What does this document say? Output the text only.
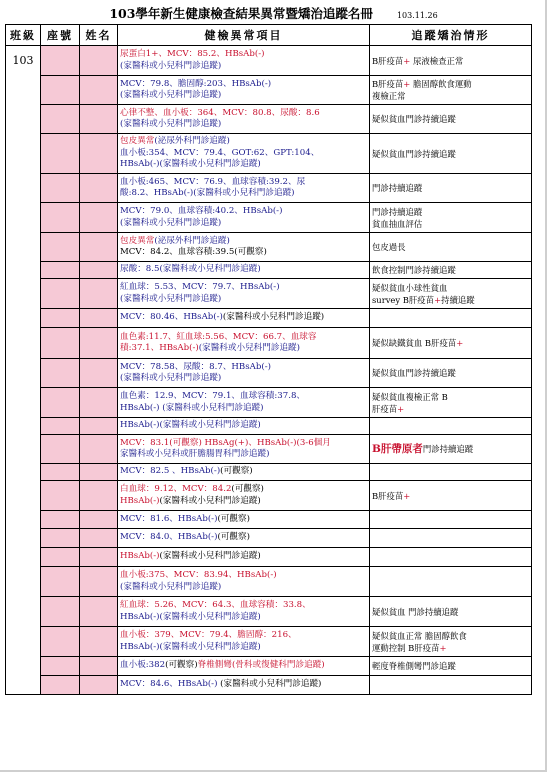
103學年新生健康檢查結果異常暨矯治追蹤名冊	103.11.26
班級	座號	姓名	健檢異常項目	追蹤矯治情形
103			尿蛋白1+、MCV：85.2、HBsAb(-)
(家醫科或小兒科門診追蹤)	B肝疫苗+ 尿液檢查正常

			MCV：79.8、膽固醇:203、HBsAb(-)
(家醫科或小兒科門診追蹤)	B肝疫苗+ 膽固醇飲食運動
複檢正常

			心律不整、血小板：364、MCV：80.8、尿酸：8.6
(家醫科或小兒科門診追蹤)	疑似貧血門診持續追蹤

			包皮異常(泌尿外科門診追蹤)
血小板:354、MCV：79.4、GOT:62、GPT:104、
HBsAb(-)(家醫科或小兒科門診追蹤)	疑似貧血門診持續追蹤

			血小板:465、MCV：76.9、血球容積:39.2、尿
酸:8.2、HBsAb(-)(家醫科或小兒科門診追蹤)	門診持續追蹤

			MCV：79.0、血球容積:40.2、HBsAb(-)
(家醫科或小兒科門診追蹤)	門診持續追蹤
貧血抽血評估

			包皮異常(泌尿外科門診追蹤)
MCV：84.2、血球容積:39.5(可觀察)	包皮過長

			尿酸：8.5(家醫科或小兒科門診追蹤)	飲食控制門診持續追蹤

			紅血球：5.53、MCV：79.7、HBsAb(-)
(家醫科或小兒科門診追蹤)	疑似貧血小球性貧血
survey B肝疫苗+持續追蹤

			MCV：80.46、HBsAb(-)(家醫科或小兒科門診追蹤)	

			血色素:11.7、紅血球:5.56、MCV：66.7、血球容
積:37.1、HBsAb(-)(家醫科或小兒科門診追蹤)	疑似缺鐵貧血 B肝疫苗+

			MCV：78.58、尿酸：8.7、HBsAb(-)
(家醫科或小兒科門診追蹤)	疑似貧血門診持續追蹤

			血色素：12.9、MCV：79.1、血球容積:37.8、
HBsAb(-) (家醫科或小兒科門診追蹤)	疑似貧血複檢正常 B
肝疫苗+

			HBsAb(-)(家醫科或小兒科門診追蹤)	

			MCV：83.1(可觀察) HBsAg(+)、HBsAb(-)(3-6個月
家醫科或小兒科或肝膽腸胃科門診追蹤)	B肝帶原者門診持續追蹤

			MCV：82.5 、HBsAb(-)(可觀察)	

			白血球：9.12、MCV：84.2(可觀察)
HBsAb(-)(家醫科或小兒科門診追蹤)	B肝疫苗+

			MCV：81.6、HBsAb(-)(可觀察)	

			MCV：84.0、HBsAb(-)(可觀察)	

			HBsAb(-)(家醫科或小兒科門診追蹤)	

			血小板:375、MCV：83.94、HBsAb(-)
(家醫科或小兒科門診追蹤)	

			紅血球：5.26、MCV：64.3、血球容積：33.8、
HBsAb(-)(家醫科或小兒科門診追蹤)	疑似貧血 門診持續追蹤

			血小板：379、MCV：79.4、膽固醇：216、
HBsAb(-)(家醫科或小兒科門診追蹤)	疑似貧血正常 膽固醇飲食
運動控制 B肝疫苗+

			血小板:382(可觀察)脊椎側彎(骨科或復健科門診追蹤)	輕度脊椎側彎門診追蹤

			MCV：84.6、HBsAb(-) (家醫科或小兒科門診追蹤)	
